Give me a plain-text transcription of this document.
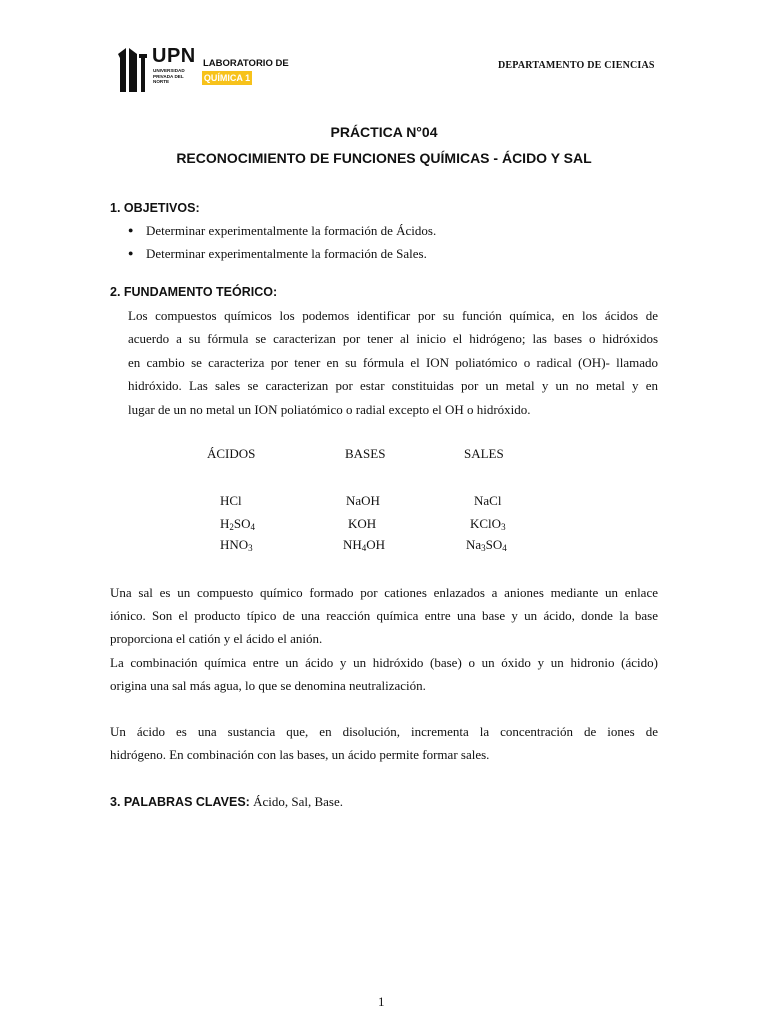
UPN
UNIVERSIDAD PRIVADA DEL NORTE
LABORATORIO DE
QUÍMICA 1
DEPARTAMENTO DE CIENCIAS
PRÁCTICA N°04
RECONOCIMIENTO DE FUNCIONES QUÍMICAS - ÁCIDO Y SAL
1. OBJETIVOS:
● Determinar experimentalmente la formación de Ácidos.
● Determinar experimentalmente la formación de Sales.
2. FUNDAMENTO TEÓRICO:
Los compuestos químicos los podemos identificar por su función química, en los ácidos de
acuerdo a su fórmula se caracterizan por tener al inicio el hidrógeno; las bases o hidróxidos
en cambio se caracteriza por tener en su fórmula el ION poliatómico o radical (OH)- llamado
hidróxido. Las sales se caracterizan por estar constituidas por un metal y un no metal y en
lugar de un no metal un ION poliatómico o radial excepto el OH o hidróxido.
ÁCIDOS	BASES	SALES
HCl	NaOH	NaCl
$H_2SO_4$	KOH	KClO$_3$
$HNO_3$	$NH_4OH$	$Na_3SO_4$
Una sal es un compuesto químico formado por cationes enlazados a aniones mediante un enlace
iónico. Son el producto típico de una reacción química entre una base y un ácido, donde la base
proporciona el catión y el ácido el anión.
La combinación química entre un ácido y un hidróxido (base) o un óxido y un hidronio (ácido)
origina una sal más agua, lo que se denomina neutralización.
Un ácido es una sustancia que, en disolución, incrementa la concentración de iones de
hidrógeno. En combinación con las bases, un ácido permite formar sales.
3. PALABRAS CLAVES: Ácido, Sal, Base.
1
